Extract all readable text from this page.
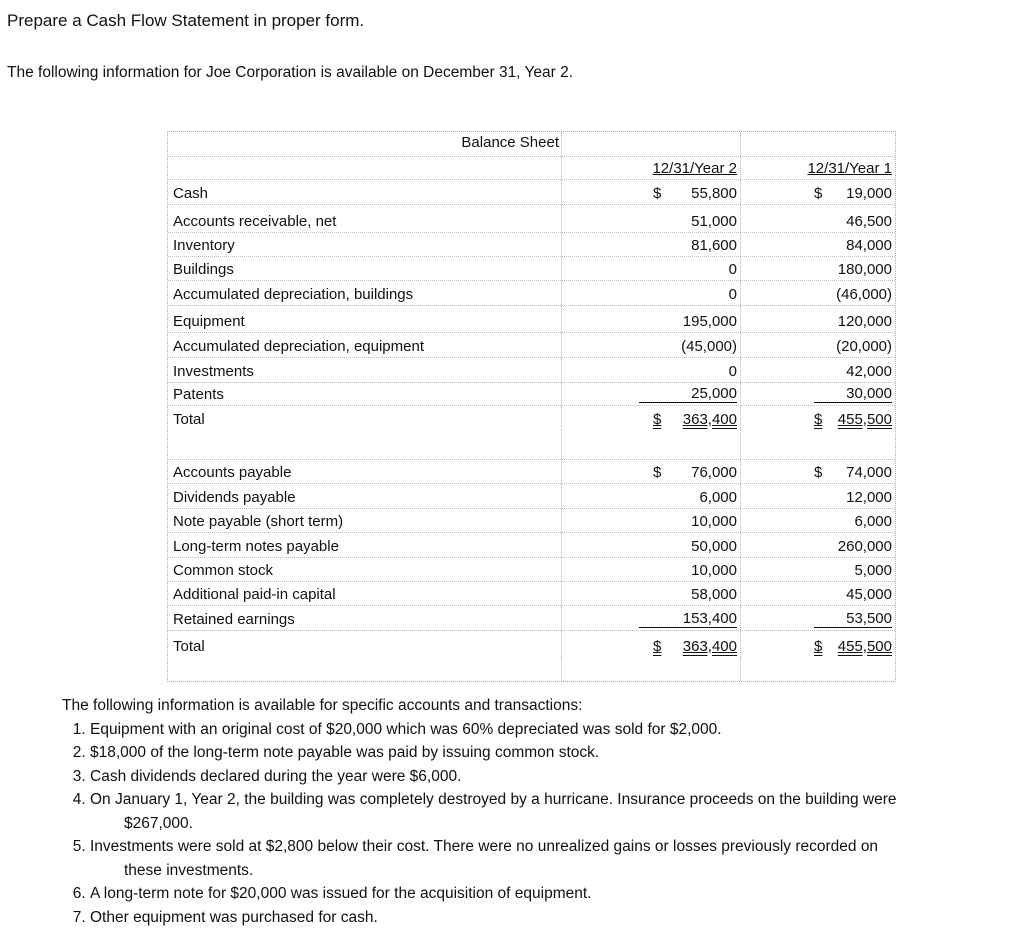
Prepare a Cash Flow Statement in proper form.
The following information for Joe Corporation is available on December 31, Year 2.
Balance Sheet
12/31/Year 2	12/31/Year 1
Cash	$ 55,800	$ 19,000
Accounts receivable, net	51,000	46,500
Inventory	81,600	84,000
Buildings	0	180,000
Accumulated depreciation, buildings	0	(46,000)
Equipment	195,000	120,000
Accumulated depreciation, equipment	(45,000)	(20,000)
Investments	0	42,000
Patents	25,000	30,000
Total	$ 363,400	$ 455,500
Accounts payable	$ 76,000	$ 74,000
Dividends payable	6,000	12,000
Note payable (short term)	10,000	6,000
Long-term notes payable	50,000	260,000
Common stock	10,000	5,000
Additional paid-in capital	58,000	45,000
Retained earnings	153,400	53,500
Total	$ 363,400	$ 455,500
The following information is available for specific accounts and transactions:
1. Equipment with an original cost of $20,000 which was 60% depreciated was sold for $2,000.
2. $18,000 of the long-term note payable was paid by issuing common stock.
3. Cash dividends declared during the year were $6,000.
4. On January 1, Year 2, the building was completely destroyed by a hurricane. Insurance proceeds on the building were
$267,000.
5. Investments were sold at $2,800 below their cost. There were no unrealized gains or losses previously recorded on
these investments.
6. A long-term note for $20,000 was issued for the acquisition of equipment.
7. Other equipment was purchased for cash.
